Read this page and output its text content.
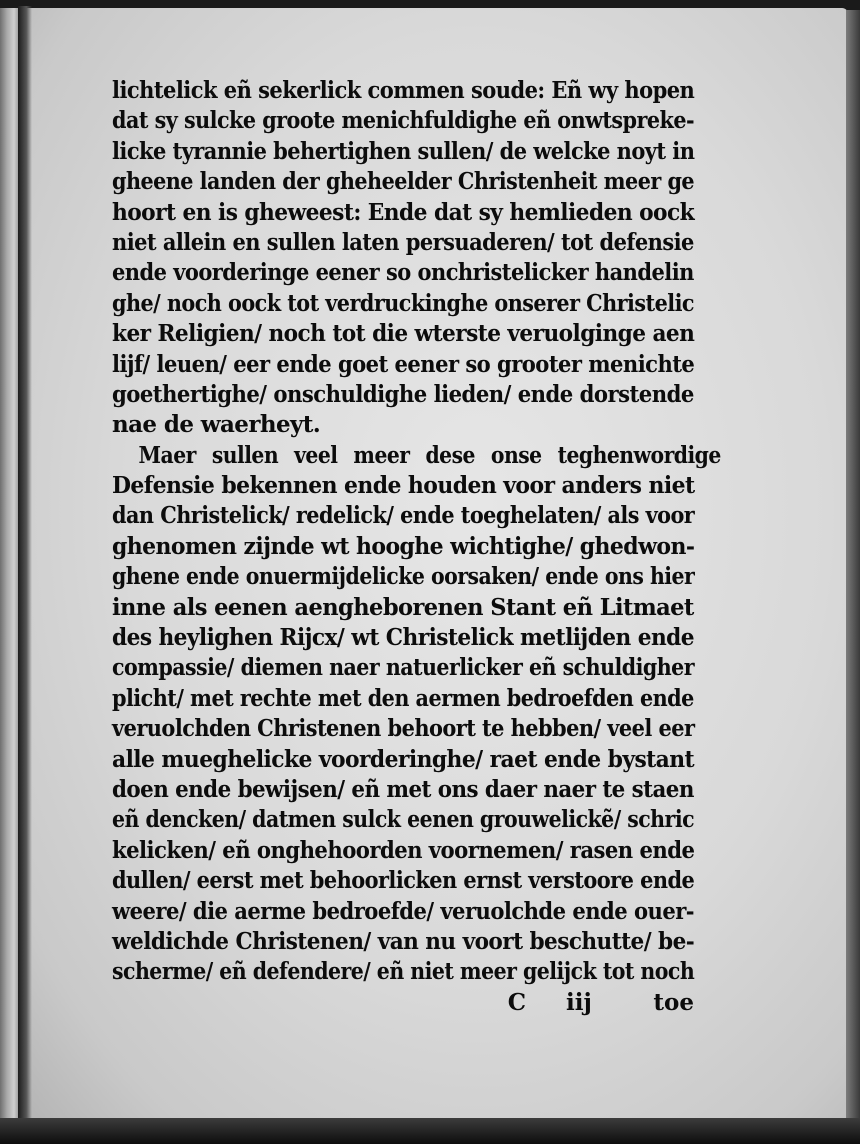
lichtelick eñ sekerlick commen soude: Eñ wy hopen
dat sy sulcke groote menichfuldighe eñ onwtspreke-
licke tyrannie behertighen sullen/ de welcke noyt in
gheene landen der gheheelder Christenheit meer ge
hoort en is gheweest: Ende dat sy hemlieden oock
niet allein en sullen laten persuaderen/ tot defensie
ende voorderinge eener so onchristelicker handelin
ghe/ noch oock tot verdruckinghe onserer Christelic
ker Religien/ noch tot die wterste veruolginge aen
lijf/ leuen/ eer ende goet eener so grooter menichte
goethertighe/ onschuldighe lieden/ ende dorstende
nae de waerheyt.
Maer sullen veel meer dese onse teghenwordige
Defensie bekennen ende houden voor anders niet
dan Christelick/ redelick/ ende toeghelaten/ als voor
ghenomen zijnde wt hooghe wichtighe/ ghedwon-
ghene ende onuermijdelicke oorsaken/ ende ons hier
inne als eenen aengheborenen Stant eñ Litmaet
des heylighen Rijcx/ wt Christelick metlijden ende
compassie/ diemen naer natuerlicker eñ schuldigher
plicht/ met rechte met den aermen bedroefden ende
veruolchden Christenen behoort te hebben/ veel eer
alle mueghelicke voorderinghe/ raet ende bystant
doen ende bewijsen/ eñ met ons daer naer te staen
eñ dencken/ datmen sulck eenen grouwelickẽ/ schric
kelicken/ eñ onghehoorden voornemen/ rasen ende
dullen/ eerst met behoorlicken ernst verstoore ende
weere/ die aerme bedroefde/ veruolchde ende ouer-
weldichde Christenen/ van nu voort beschutte/ be-
scherme/ eñ defendere/ eñ niet meer gelijck tot noch
C iij	toe
